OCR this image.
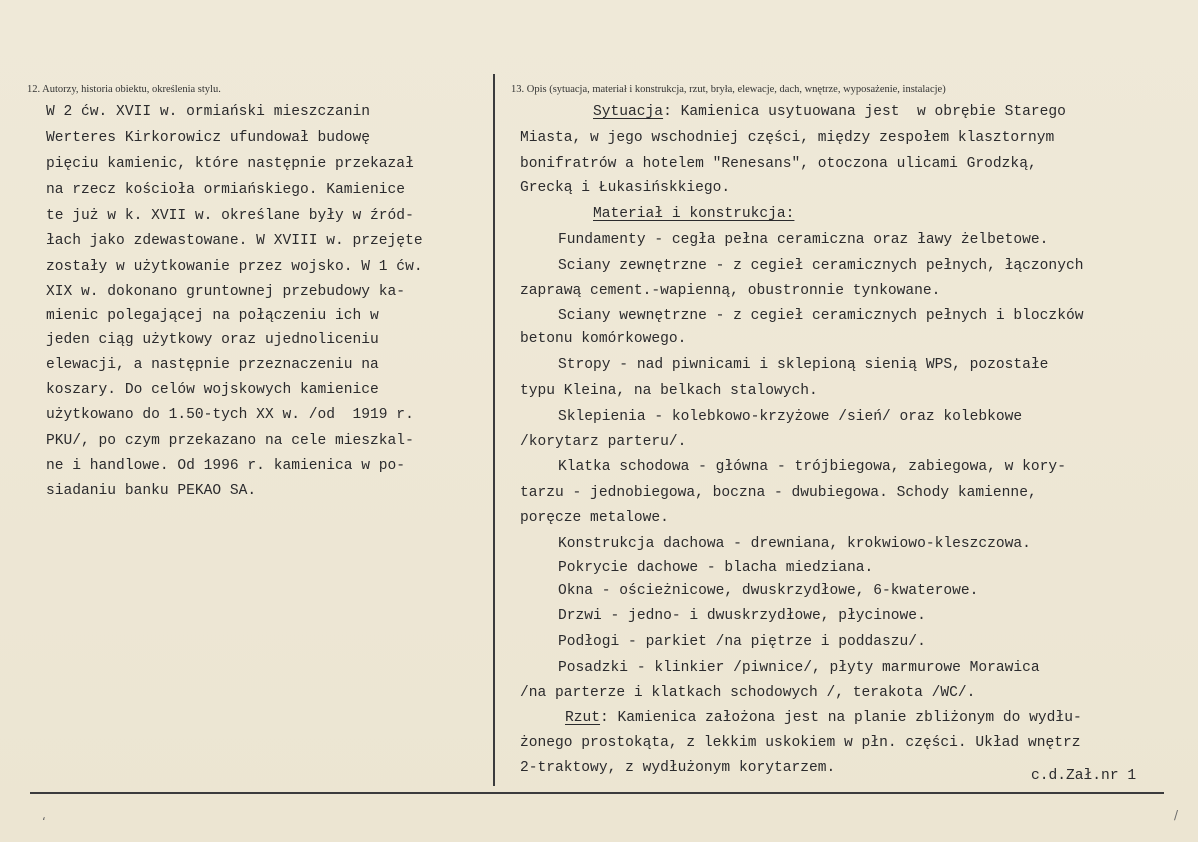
12. Autorzy, historia obiektu, określenia stylu.	13. Opis (sytuacja, materiał i konstrukcja, rzut, bryła, elewacje, dach, wnętrze, wyposażenie, instalacje)
W 2 ćw. XVII w. ormiański mieszczanin
Werteres Kirkorowicz ufundował budowę
pięciu kamienic, które następnie przekazał
na rzecz kościoła ormiańskiego. Kamienice
te już w k. XVII w. określane były w źród-
łach jako zdewastowane. W XVIII w. przejęte
zostały w użytkowanie przez wojsko. W 1 ćw.
XIX w. dokonano gruntownej przebudowy ka-
mienic polegającej na połączeniu ich w
jeden ciąg użytkowy oraz ujednoliceniu
elewacji, a następnie przeznaczeniu na
koszary. Do celów wojskowych kamienice
użytkowano do 1.50-tych XX w. /od  1919 r.
PKU/, po czym przekazano na cele mieszkal-
ne i handlowe. Od 1996 r. kamienica w po-
siadaniu banku PEKAO SA.
Sytuacja: Kamienica usytuowana jest  w obrębie Starego
Miasta, w jego wschodniej części, między zespołem klasztornym
bonifratrów a hotelem "Renesans", otoczona ulicami Grodzką,
Grecką i Łukasińskkiego.
Materiał i konstrukcja:
Fundamenty - cegła pełna ceramiczna oraz ławy żelbetowe.
Sciany zewnętrzne - z cegieł ceramicznych pełnych, łączonych
zaprawą cement.-wapienną, obustronnie tynkowane.
Sciany wewnętrzne - z cegieł ceramicznych pełnych i bloczków
betonu komórkowego.
Stropy - nad piwnicami i sklepioną sienią WPS, pozostałe
typu Kleina, na belkach stalowych.
Sklepienia - kolebkowo-krzyżowe /sień/ oraz kolebkowe
/korytarz parteru/.
Klatka schodowa - główna - trójbiegowa, zabiegowa, w kory-
tarzu - jednobiegowa, boczna - dwubiegowa. Schody kamienne,
poręcze metalowe.
Konstrukcja dachowa - drewniana, krokwiowo-kleszczowa.
Pokrycie dachowe - blacha miedziana.
Okna - ościeżnicowe, dwuskrzydłowe, 6-kwaterowe.
Drzwi - jedno- i dwuskrzydłowe, płycinowe.
Podłogi - parkiet /na piętrze i poddaszu/.
Posadzki - klinkier /piwnice/, płyty marmurowe Morawica
/na parterze i klatkach schodowych /, terakota /WC/.
Rzut: Kamienica założona jest na planie zbliżonym do wydłu-
żonego prostokąta, z lekkim uskokiem w płn. części. Układ wnętrz
2-traktowy, z wydłużonym korytarzem.	c.d.Zał.nr 1
‘	/
